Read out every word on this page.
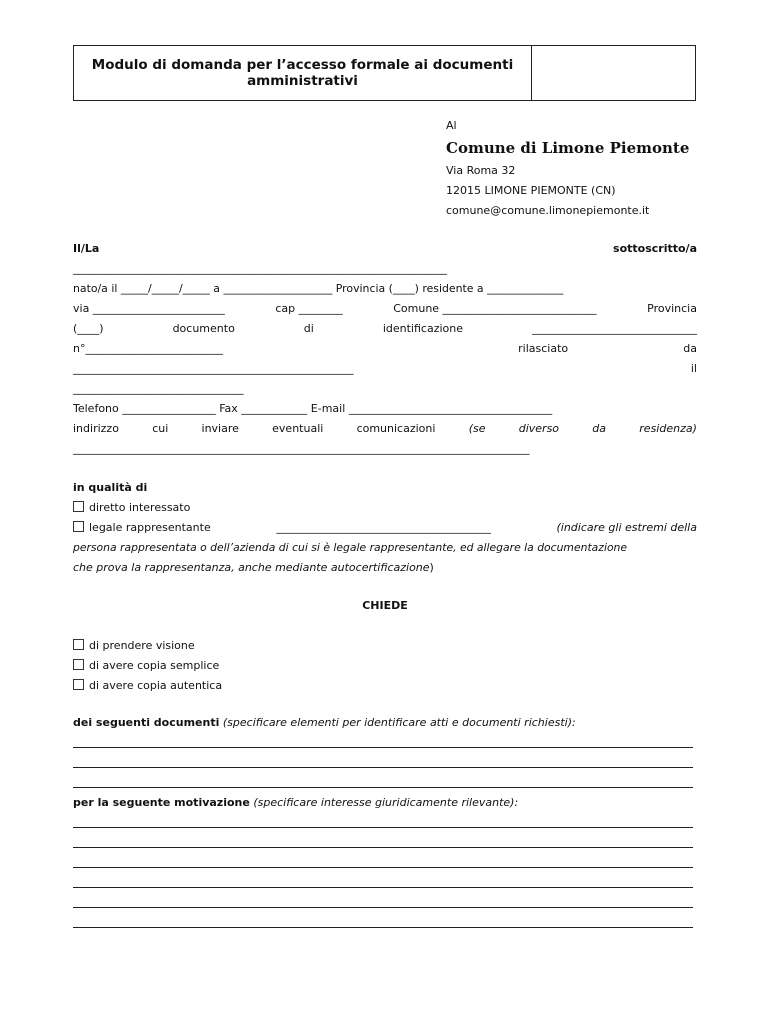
Modulo di domanda per l’accesso formale ai documenti amministrativi
Al
Comune di Limone Piemonte
Via Roma 32
12015 LIMONE PIEMONTE (CN)
comune@comune.limonepiemonte.it
Il/La	sottoscritto/a
____________________________________________________________________
nato/a il _____/_____/_____ a ____________________ Provincia (____) residente a ______________
via ________________________	cap ________	Comune ____________________________	Provincia
(____)	documento	di	identificazione	______________________________
n°_________________________	rilasciato	da
___________________________________________________	il
_______________________________
Telefono _________________ Fax ____________ E-mail _____________________________________
indirizzo	cui	inviare	eventuali	comunicazioni	(se	diverso	da	residenza)
___________________________________________________________________________________
in qualità di
diretto interessato
legale rappresentante	_______________________________________	(indicare gli estremi della
persona rappresentata o dell’azienda di cui si è legale rappresentante, ed allegare la documentazione
che prova la rappresentanza, anche mediante autocertificazione)
CHIEDE
di prendere visione
di avere copia semplice
di avere copia autentica
dei seguenti documenti (specificare elementi per identificare atti e documenti richiesti):
per la seguente motivazione (specificare interesse giuridicamente rilevante):
